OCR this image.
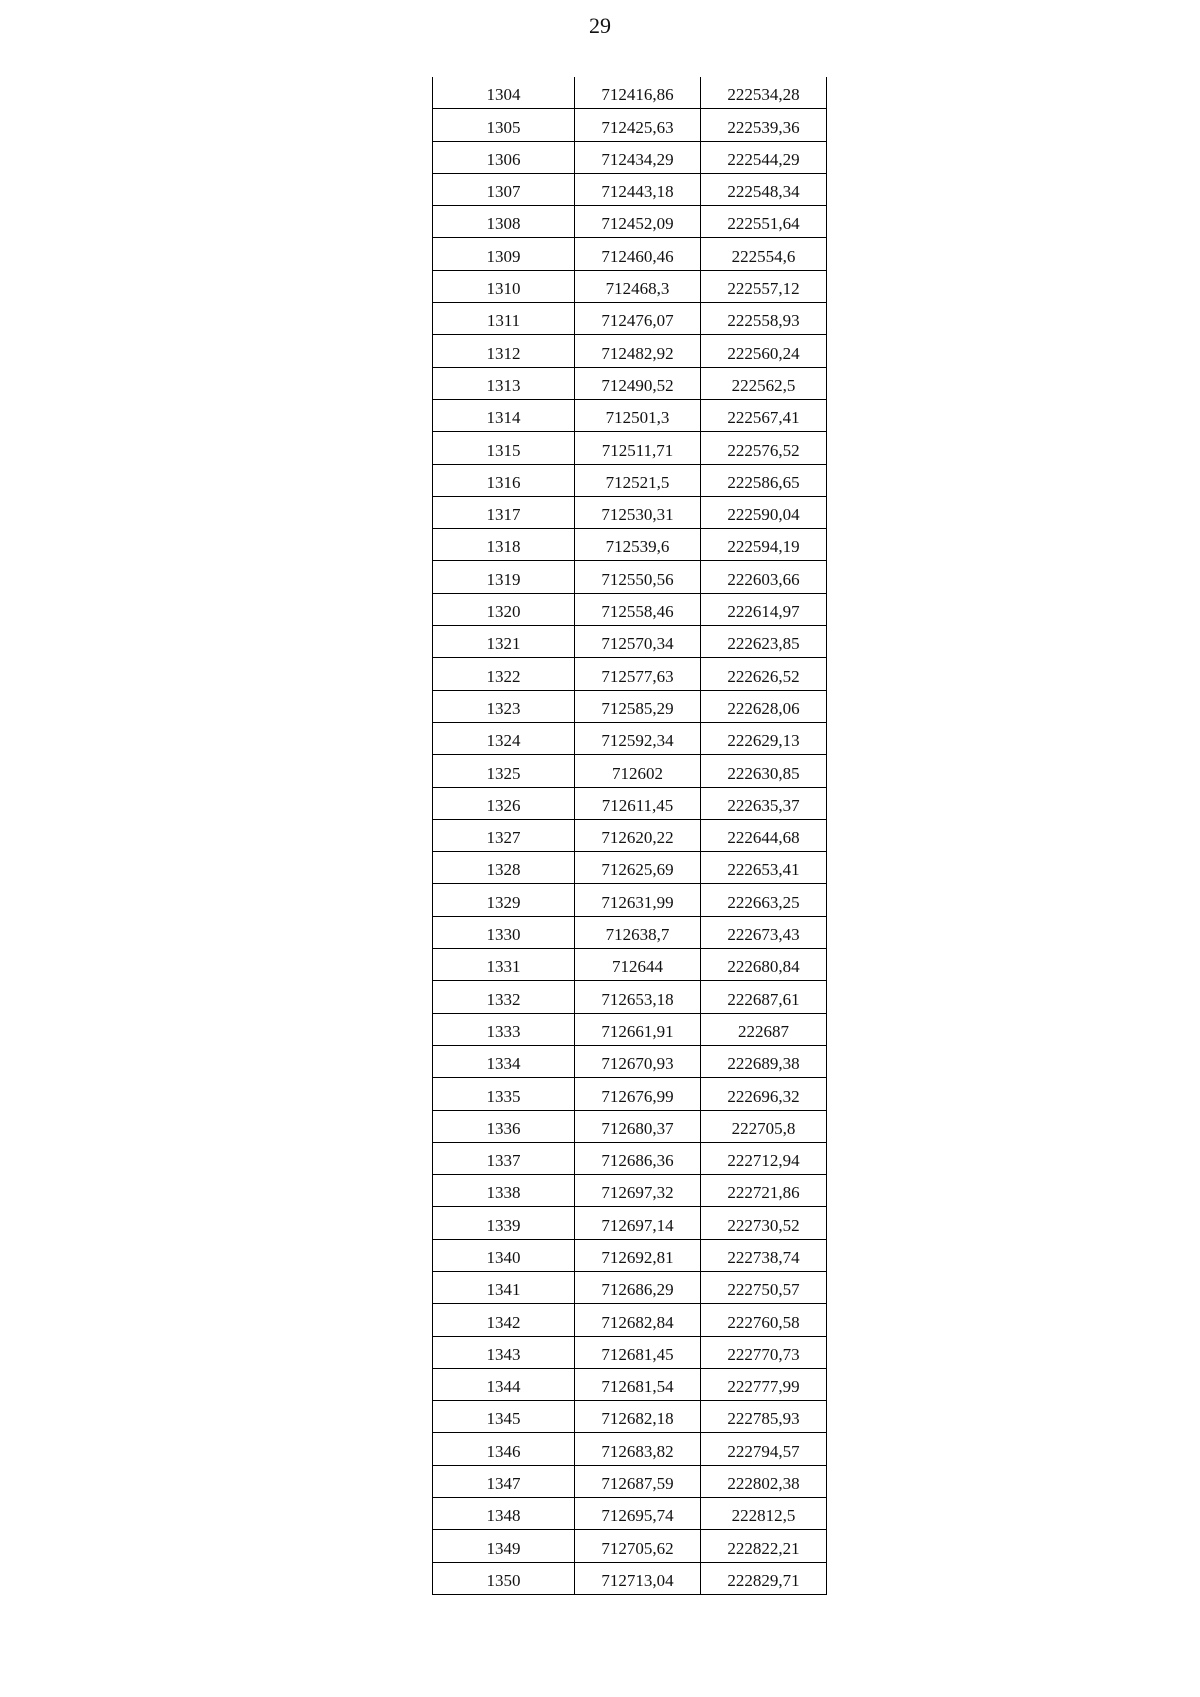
29
1304	712416,86	222534,28
1305	712425,63	222539,36
1306	712434,29	222544,29
1307	712443,18	222548,34
1308	712452,09	222551,64
1309	712460,46	222554,6
1310	712468,3	222557,12
1311	712476,07	222558,93
1312	712482,92	222560,24
1313	712490,52	222562,5
1314	712501,3	222567,41
1315	712511,71	222576,52
1316	712521,5	222586,65
1317	712530,31	222590,04
1318	712539,6	222594,19
1319	712550,56	222603,66
1320	712558,46	222614,97
1321	712570,34	222623,85
1322	712577,63	222626,52
1323	712585,29	222628,06
1324	712592,34	222629,13
1325	712602	222630,85
1326	712611,45	222635,37
1327	712620,22	222644,68
1328	712625,69	222653,41
1329	712631,99	222663,25
1330	712638,7	222673,43
1331	712644	222680,84
1332	712653,18	222687,61
1333	712661,91	222687
1334	712670,93	222689,38
1335	712676,99	222696,32
1336	712680,37	222705,8
1337	712686,36	222712,94
1338	712697,32	222721,86
1339	712697,14	222730,52
1340	712692,81	222738,74
1341	712686,29	222750,57
1342	712682,84	222760,58
1343	712681,45	222770,73
1344	712681,54	222777,99
1345	712682,18	222785,93
1346	712683,82	222794,57
1347	712687,59	222802,38
1348	712695,74	222812,5
1349	712705,62	222822,21
1350	712713,04	222829,71
